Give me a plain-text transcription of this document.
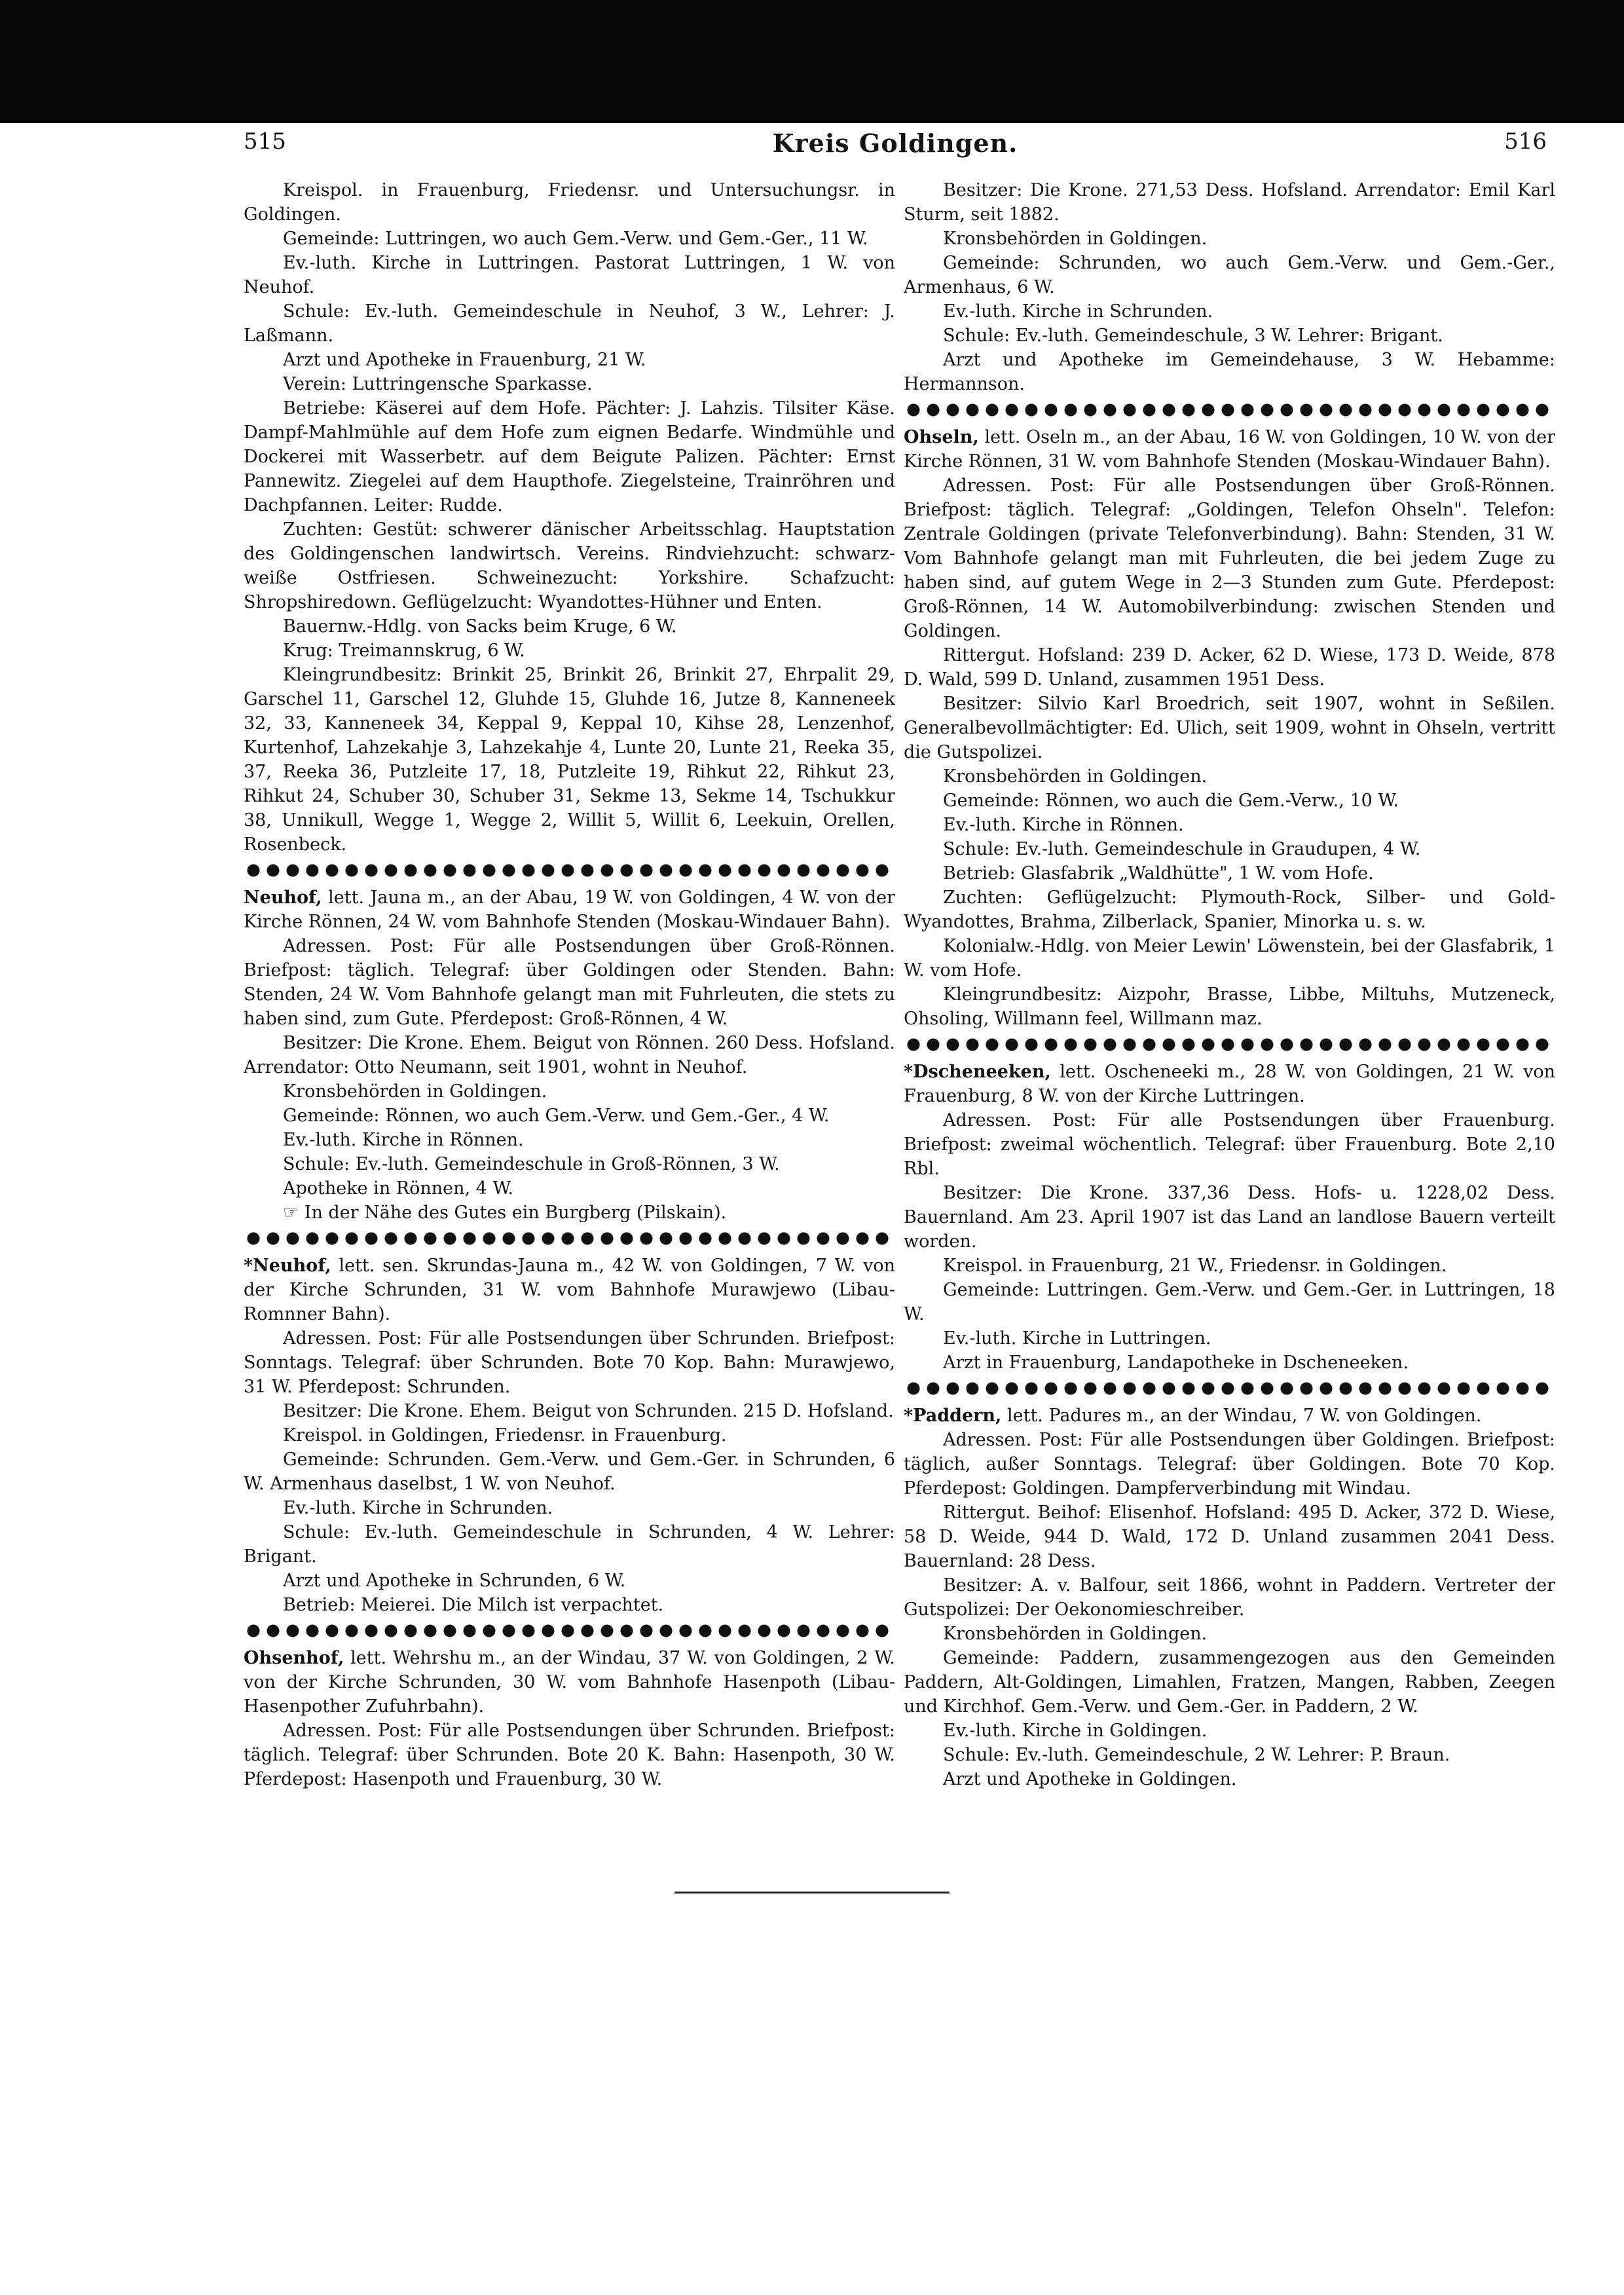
515	Kreis Goldingen.	516

Kreispol. in Frauenburg, Friedensr. und Untersuchungsr. in Goldingen.

Gemeinde: Luttringen, wo auch Gem.-Verw. und Gem.-Ger., 11 W.

Ev.-luth. Kirche in Luttringen. Pastorat Luttringen, 1 W. von Neuhof.

Schule: Ev.-luth. Gemeindeschule in Neuhof, 3 W., Lehrer: J. Laßmann.

Arzt und Apotheke in Frauenburg, 21 W.

Verein: Luttringensche Sparkasse.

Betriebe: Käserei auf dem Hofe. Pächter: J. Lahzis. Tilsiter Käse. Dampf-Mahlmühle auf dem Hofe zum eignen Bedarfe. Windmühle und Dockerei mit Wasserbetr. auf dem Beigute Palizen. Pächter: Ernst Pannewitz. Ziegelei auf dem Haupthofe. Ziegelsteine, Trainröhren und Dachpfannen. Leiter: Rudde.

Zuchten: Gestüt: schwerer dänischer Arbeitsschlag. Hauptstation des Goldingenschen landwirtsch. Vereins. Rindviehzucht: schwarz-weiße Ostfriesen. Schweinezucht: Yorkshire. Schafzucht: Shropshiredown. Geflügelzucht: Wyandottes-Hühner und Enten.

Bauernw.-Hdlg. von Sacks beim Kruge, 6 W.

Krug: Treimannskrug, 6 W.

Kleingrundbesitz: Brinkit 25, Brinkit 26, Brinkit 27, Ehrpalit 29, Garschel 11, Garschel 12, Gluhde 15, Gluhde 16, Jutze 8, Kanneneek 32, 33, Kanneneek 34, Keppal 9, Keppal 10, Kihse 28, Lenzenhof, Kurtenhof, Lahzekahje 3, Lahzekahje 4, Lunte 20, Lunte 21, Reeka 35, 37, Reeka 36, Putzleite 17, 18, Putzleite 19, Rihkut 22, Rihkut 23, Rihkut 24, Schuber 30, Schuber 31, Sekme 13, Sekme 14, Tschukkur 38, Unnikull, Wegge 1, Wegge 2, Willit 5, Willit 6, Leekuin, Orellen, Rosenbeck.

Neuhof, lett. Jauna m., an der Abau, 19 W. von Goldingen, 4 W. von der Kirche Rönnen, 24 W. vom Bahnhofe Stenden (Moskau-Windauer Bahn).

Adressen. Post: Für alle Postsendungen über Groß-Rönnen. Briefpost: täglich. Telegraf: über Goldingen oder Stenden. Bahn: Stenden, 24 W. Vom Bahnhofe gelangt man mit Fuhrleuten, die stets zu haben sind, zum Gute. Pferdepost: Groß-Rönnen, 4 W.

Besitzer: Die Krone. Ehem. Beigut von Rönnen. 260 Dess. Hofsland. Arrendator: Otto Neumann, seit 1901, wohnt in Neuhof.

Kronsbehörden in Goldingen.

Gemeinde: Rönnen, wo auch Gem.-Verw. und Gem.-Ger., 4 W.

Ev.-luth. Kirche in Rönnen.

Schule: Ev.-luth. Gemeindeschule in Groß-Rönnen, 3 W.

Apotheke in Rönnen, 4 W.

☞ In der Nähe des Gutes ein Burgberg (Pilskain).

*Neuhof, lett. sen. Skrundas-Jauna m., 42 W. von Goldingen, 7 W. von der Kirche Schrunden, 31 W. vom Bahnhofe Murawjewo (Libau-Romnner Bahn).

Adressen. Post: Für alle Postsendungen über Schrunden. Briefpost: Sonntags. Telegraf: über Schrunden. Bote 70 Kop. Bahn: Murawjewo, 31 W. Pferdepost: Schrunden.

Besitzer: Die Krone. Ehem. Beigut von Schrunden. 215 D. Hofsland.

Kreispol. in Goldingen, Friedensr. in Frauenburg.

Gemeinde: Schrunden. Gem.-Verw. und Gem.-Ger. in Schrunden, 6 W. Armenhaus daselbst, 1 W. von Neuhof.

Ev.-luth. Kirche in Schrunden.

Schule: Ev.-luth. Gemeindeschule in Schrunden, 4 W. Lehrer: Brigant.

Arzt und Apotheke in Schrunden, 6 W.

Betrieb: Meierei. Die Milch ist verpachtet.

Ohsenhof, lett. Wehrshu m., an der Windau, 37 W. von Goldingen, 2 W. von der Kirche Schrunden, 30 W. vom Bahnhofe Hasenpoth (Libau-Hasenpother Zufuhrbahn).

Adressen. Post: Für alle Postsendungen über Schrunden. Briefpost: täglich. Telegraf: über Schrunden. Bote 20 K. Bahn: Hasenpoth, 30 W. Pferdepost: Hasenpoth und Frauenburg, 30 W.

Besitzer: Die Krone. 271,53 Dess. Hofsland. Arrendator: Emil Karl Sturm, seit 1882.

Kronsbehörden in Goldingen.

Gemeinde: Schrunden, wo auch Gem.-Verw. und Gem.-Ger., Armenhaus, 6 W.

Ev.-luth. Kirche in Schrunden.

Schule: Ev.-luth. Gemeindeschule, 3 W. Lehrer: Brigant.

Arzt und Apotheke im Gemeindehause, 3 W. Hebamme: Hermannson.

Ohseln, lett. Oseln m., an der Abau, 16 W. von Goldingen, 10 W. von der Kirche Rönnen, 31 W. vom Bahnhofe Stenden (Moskau-Windauer Bahn).

Adressen. Post: Für alle Postsendungen über Groß-Rönnen. Briefpost: täglich. Telegraf: „Goldingen, Telefon Ohseln". Telefon: Zentrale Goldingen (private Telefonverbindung). Bahn: Stenden, 31 W. Vom Bahnhofe gelangt man mit Fuhrleuten, die bei jedem Zuge zu haben sind, auf gutem Wege in 2—3 Stunden zum Gute. Pferdepost: Groß-Rönnen, 14 W. Automobilverbindung: zwischen Stenden und Goldingen.

Rittergut. Hofsland: 239 D. Acker, 62 D. Wiese, 173 D. Weide, 878 D. Wald, 599 D. Unland, zusammen 1951 Dess.

Besitzer: Silvio Karl Broedrich, seit 1907, wohnt in Seßilen. Generalbevollmächtigter: Ed. Ulich, seit 1909, wohnt in Ohseln, vertritt die Gutspolizei.

Kronsbehörden in Goldingen.

Gemeinde: Rönnen, wo auch die Gem.-Verw., 10 W.

Ev.-luth. Kirche in Rönnen.

Schule: Ev.-luth. Gemeindeschule in Graudupen, 4 W.

Betrieb: Glasfabrik „Waldhütte", 1 W. vom Hofe.

Zuchten: Geflügelzucht: Plymouth-Rock, Silber- und Gold-Wyandottes, Brahma, Zilberlack, Spanier, Minorka u. s. w.

Kolonialw.-Hdlg. von Meier Lewin' Löwenstein, bei der Glasfabrik, 1 W. vom Hofe.

Kleingrundbesitz: Aizpohr, Brasse, Libbe, Miltuhs, Mutzeneck, Ohsoling, Willmann feel, Willmann maz.

*Dscheneeken, lett. Oscheneeki m., 28 W. von Goldingen, 21 W. von Frauenburg, 8 W. von der Kirche Luttringen.

Adressen. Post: Für alle Postsendungen über Frauenburg. Briefpost: zweimal wöchentlich. Telegraf: über Frauenburg. Bote 2,10 Rbl.

Besitzer: Die Krone. 337,36 Dess. Hofs- u. 1228,02 Dess. Bauernland. Am 23. April 1907 ist das Land an landlose Bauern verteilt worden.

Kreispol. in Frauenburg, 21 W., Friedensr. in Goldingen.

Gemeinde: Luttringen. Gem.-Verw. und Gem.-Ger. in Luttringen, 18 W.

Ev.-luth. Kirche in Luttringen.

Arzt in Frauenburg, Landapotheke in Dscheneeken.

*Paddern, lett. Padures m., an der Windau, 7 W. von Goldingen.

Adressen. Post: Für alle Postsendungen über Goldingen. Briefpost: täglich, außer Sonntags. Telegraf: über Goldingen. Bote 70 Kop. Pferdepost: Goldingen. Dampferverbindung mit Windau.

Rittergut. Beihof: Elisenhof. Hofsland: 495 D. Acker, 372 D. Wiese, 58 D. Weide, 944 D. Wald, 172 D. Unland zusammen 2041 Dess. Bauernland: 28 Dess.

Besitzer: A. v. Balfour, seit 1866, wohnt in Paddern. Vertreter der Gutspolizei: Der Oekonomieschreiber.

Kronsbehörden in Goldingen.

Gemeinde: Paddern, zusammengezogen aus den Gemeinden Paddern, Alt-Goldingen, Limahlen, Fratzen, Mangen, Rabben, Zeegen und Kirchhof. Gem.-Verw. und Gem.-Ger. in Paddern, 2 W.

Ev.-luth. Kirche in Goldingen.

Schule: Ev.-luth. Gemeindeschule, 2 W. Lehrer: P. Braun.

Arzt und Apotheke in Goldingen.
